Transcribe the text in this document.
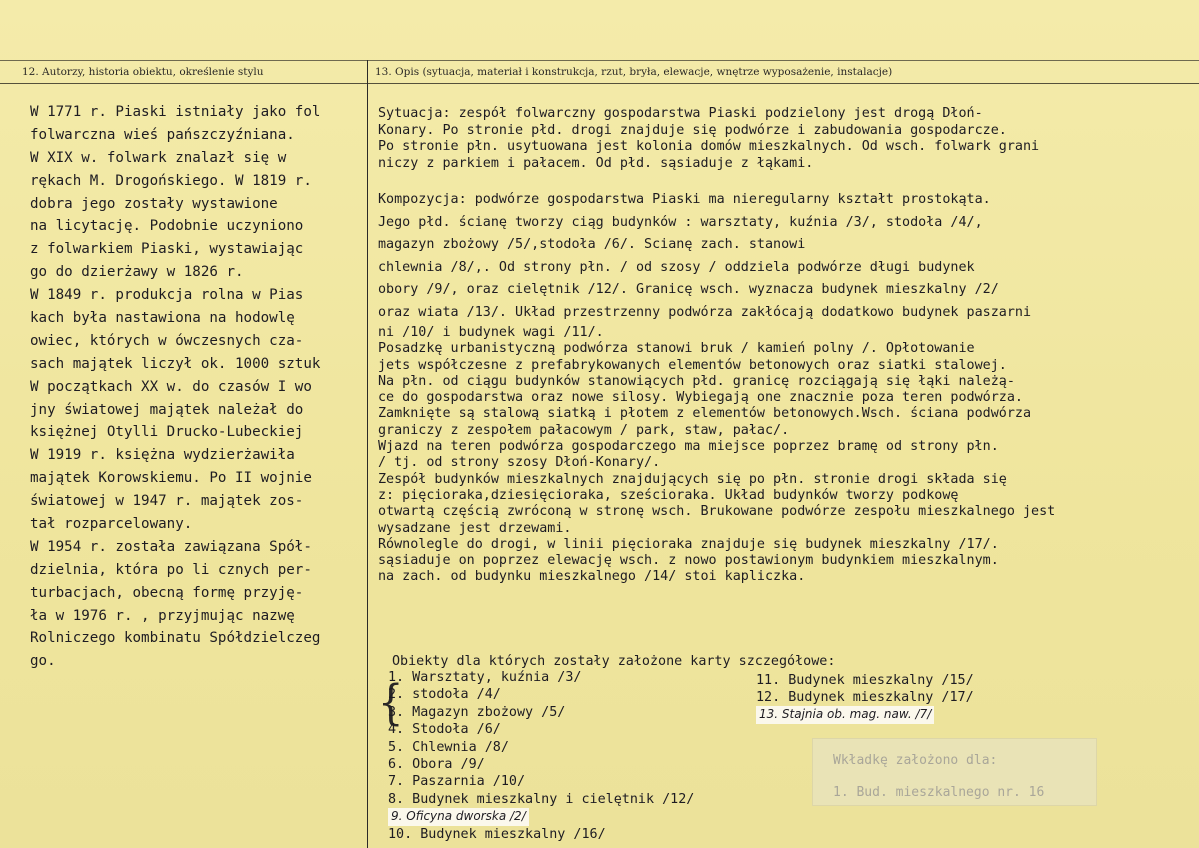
12. Autorzy, historia obiektu, określenie stylu	13. Opis (sytuacja, materiał i konstrukcja, rzut, bryła, elewacje, wnętrze wyposażenie, instalacje)
W 1771 r. Piaski istniały jako fol
folwarczna wieś pańszczyźniana.
W XIX w. folwark znalazł się w
rękach M. Drogońskiego. W 1819 r.
dobra jego zostały wystawione
na licytację. Podobnie uczyniono
z folwarkiem Piaski, wystawiając
go do dzierżawy w 1826 r.
W 1849 r. produkcja rolna w Pias
kach była nastawiona na hodowlę
owiec, których w ówczesnych cza-
sach majątek liczył ok. 1000 sztuk
W początkach XX w. do czasów I wo
jny światowej majątek należał do
księżnej Otylli Drucko-Lubeckiej
W 1919 r. księżna wydzierżawiła
majątek Korowskiemu. Po II wojnie
światowej w 1947 r. majątek zos-
tał rozparcelowany.
W 1954 r. została zawiązana Spół-
dzielnia, która po li cznych per-
turbacjach, obecną formę przyję-
ła w 1976 r. , przyjmując nazwę
Rolniczego kombinatu Spółdzielczeg
go.
Sytuacja: zespół folwarczny gospodarstwa Piaski podzielony jest drogą Dłoń-
Konary. Po stronie płd. drogi znajduje się podwórze i zabudowania gospodarcze.
Po stronie płn. usytuowana jest kolonia domów mieszkalnych. Od wsch. folwark grani
niczy z parkiem i pałacem. Od płd. sąsiaduje z łąkami.
Kompozycja: podwórze gospodarstwa Piaski ma nieregularny kształt prostokąta.
Jego płd. ścianę tworzy ciąg budynków : warsztaty, kuźnia /3/, stodoła /4/,
magazyn zbożowy /5/,stodoła /6/. Scianę zach. stanowi
chlewnia /8/,. Od strony płn. / od szosy / oddziela podwórze długi budynek
obory /9/, oraz cielętnik /12/. Granicę wsch. wyznacza budynek mieszkalny /2/
oraz wiata /13/. Układ przestrzenny podwórza zakłócają dodatkowo budynek paszarni
ni /10/ i budynek wagi /11/.
Posadzkę urbanistyczną podwórza stanowi bruk / kamień polny /. Opłotowanie
jets współczesne z prefabrykowanych elementów betonowych oraz siatki stalowej.
Na płn. od ciągu budynków stanowiących płd. granicę rozciągają się łąki należą-
ce do gospodarstwa oraz nowe silosy. Wybiegają one znacznie poza teren podwórza.
Zamknięte są stalową siatką i płotem z elementów betonowych.Wsch. ściana podwórza
graniczy z zespołem pałacowym / park, staw, pałac/.
Wjazd na teren podwórza gospodarczego ma miejsce poprzez bramę od strony płn.
/ tj. od strony szosy Dłoń-Konary/.
Zespół budynków mieszkalnych znajdujących się po płn. stronie drogi składa się
z: pięcioraka,dziesięcioraka, sześcioraka. Układ budynków tworzy podkowę
otwartą częścią zwróconą w stronę wsch. Brukowane podwórze zespołu mieszkalnego jest
wysadzane jest drzewami.
Równolegle do drogi, w linii pięcioraka znajduje się budynek mieszkalny /17/.
sąsiaduje on poprzez elewację wsch. z nowo postawionym budynkiem mieszkalnym.
na zach. od budynku mieszkalnego /14/ stoi kapliczka.
Obiekty dla których zostały założone karty szczegółowe:
{
1. Warsztaty, kuźnia /3/
2. stodoła /4/
3. Magazyn zbożowy /5/
4. Stodoła /6/
5. Chlewnia /8/
6. Obora /9/
7. Paszarnia /10/
8. Budynek mieszkalny i cielętnik /12/
9. Oficyna dworska /2/
10. Budynek mieszkalny /16/
11. Budynek mieszkalny /15/
12. Budynek mieszkalny /17/
13. Stajnia ob. mag. naw. /7/
Wkładkę założono dla:
1. Bud. mieszkalnego nr. 16
